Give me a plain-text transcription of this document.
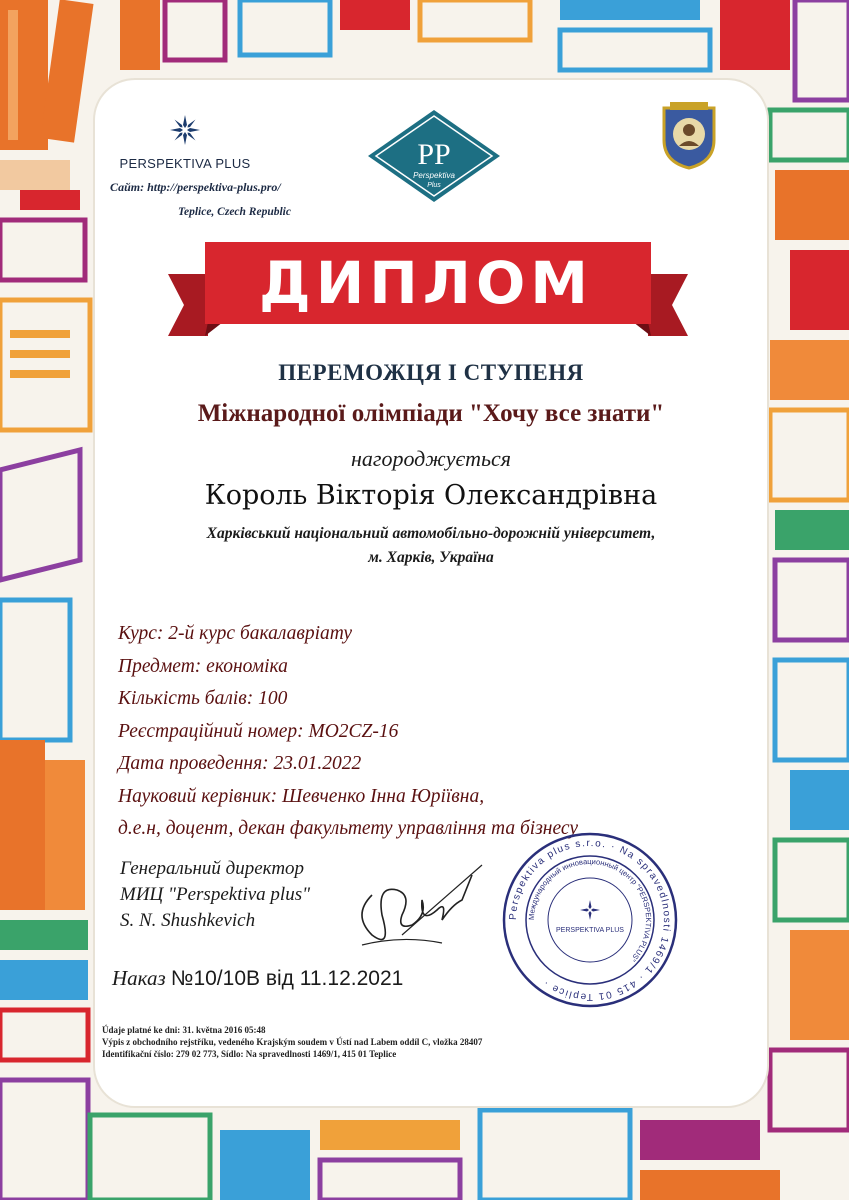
PERSPEKTIVA PLUS
Сайт: http://perspektiva-plus.pro/
Teplice, Czech Republic
PP
Perspektiva
Plus
ДИПЛОМ
ПЕРЕМОЖЦЯ І СТУПЕНЯ
Міжнародної олімпіади "Хочу все знати"
нагороджується
Король Вікторія Олександрівна
Харківський національний автомобільно-дорожній університет,
м. Харків, Україна
Курс: 2-й курс бакалавріату
Предмет: економіка
Кількість балів: 100
Реєстраційний номер: MO2CZ-16
Дата проведення: 23.01.2022
Науковий керівник: Шевченко Інна Юріївна,
д.е.н, доцент, декан факультету управління та бізнесу
Генеральний директор
МИЦ "Perspektiva plus"
S. N. Shushkevich
Наказ №10/10В від 11.12.2021
Perspektiva plus s.r.o. · Na spravedlnosti 1469/1 · 415 01 Teplice ·
Международный инновационный центр "PERSPEKTIVA PLUS"
PERSPEKTIVA PLUS
Údaje platné ke dni: 31. května 2016 05:48
Výpis z obchodního rejstříku, vedeného Krajským soudem v Ústí nad Labem oddíl C, vložka 28407
Identifikační číslo: 279 02 773, Sídlo: Na spravedlnosti 1469/1, 415 01 Teplice
